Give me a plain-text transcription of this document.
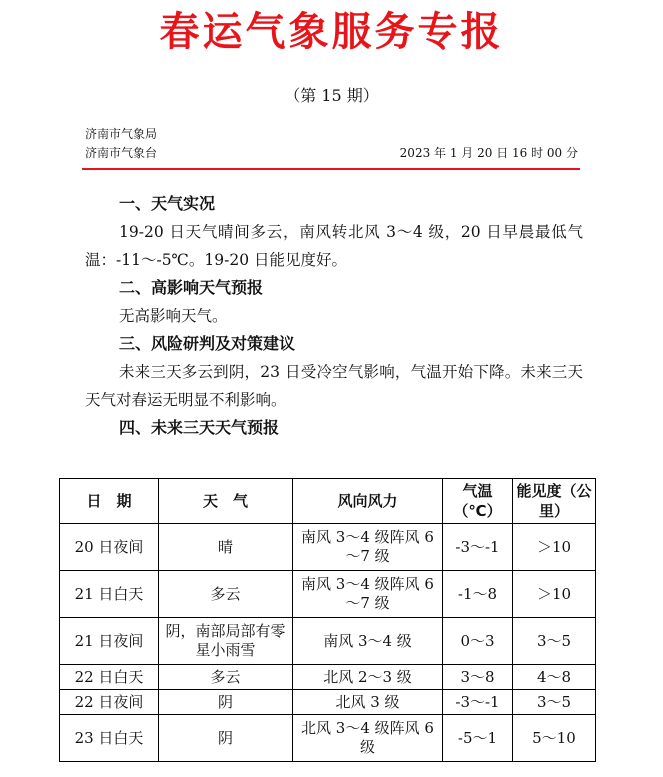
春运气象服务专报
（第 15 期）
济南市气象局
济南市气象台	2023 年 1 月 20 日 16 时 00 分

一、天气实况

19-20 日天气晴间多云，南风转北风 3～4 级，20 日早晨最低气温：-11～-5℃。19-20 日能见度好。

二、高影响天气预报

无高影响天气。

三、风险研判及对策建议

未来三天多云到阴，23 日受冷空气影响，气温开始下降。未来三天天气对春运无明显不利影响。

四、未来三天天气预报

日　期	天　气	风向风力	气温（℃）	能见度（公里）
20 日夜间	晴	南风 3～4 级阵风 6～7 级	-3～-1	＞10
21 日白天	多云	南风 3～4 级阵风 6～7 级	-1～8	＞10
21 日夜间	阴，南部局部有零星小雨雪	南风 3～4 级	0～3	3～5
22 日白天	多云	北风 2～3 级	3～8	4～8
22 日夜间	阴	北风 3 级	-3～-1	3～5
23 日白天	阴	北风 3～4 级阵风 6 级	-5～1	5～10
